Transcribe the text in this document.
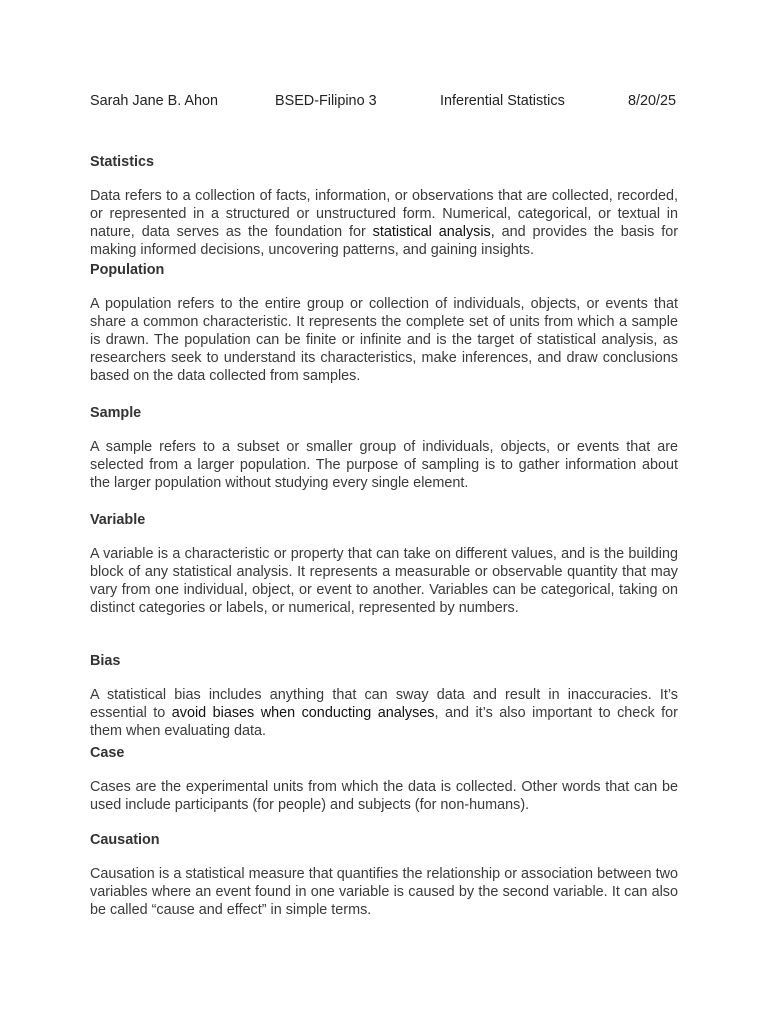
Sarah Jane B. Ahon	BSED-Filipino 3	Inferential Statistics	8/20/25

Statistics

Data refers to a collection of facts, information, or observations that are collected, recorded, or represented in a structured or unstructured form. Numerical, categorical, or textual in nature, data serves as the foundation for statistical analysis, and provides the basis for making informed decisions, uncovering patterns, and gaining insights.

Population

A population refers to the entire group or collection of individuals, objects, or events that share a common characteristic. It represents the complete set of units from which a sample is drawn. The population can be finite or infinite and is the target of statistical analysis, as researchers seek to understand its characteristics, make inferences, and draw conclusions based on the data collected from samples.

Sample

A sample refers to a subset or smaller group of individuals, objects, or events that are selected from a larger population. The purpose of sampling is to gather information about the larger population without studying every single element.

Variable

A variable is a characteristic or property that can take on different values, and is the building block of any statistical analysis. It represents a measurable or observable quantity that may vary from one individual, object, or event to another. Variables can be categorical, taking on distinct categories or labels, or numerical, represented by numbers.

Bias

A statistical bias includes anything that can sway data and result in inaccuracies. It’s essential to avoid biases when conducting analyses, and it’s also important to check for them when evaluating data.

Case

Cases are the experimental units from which the data is collected. Other words that can be used include participants (for people) and subjects (for non-humans).

Causation

Causation is a statistical measure that quantifies the relationship or association between two variables where an event found in one variable is caused by the second variable. It can also be called “cause and effect” in simple terms.
